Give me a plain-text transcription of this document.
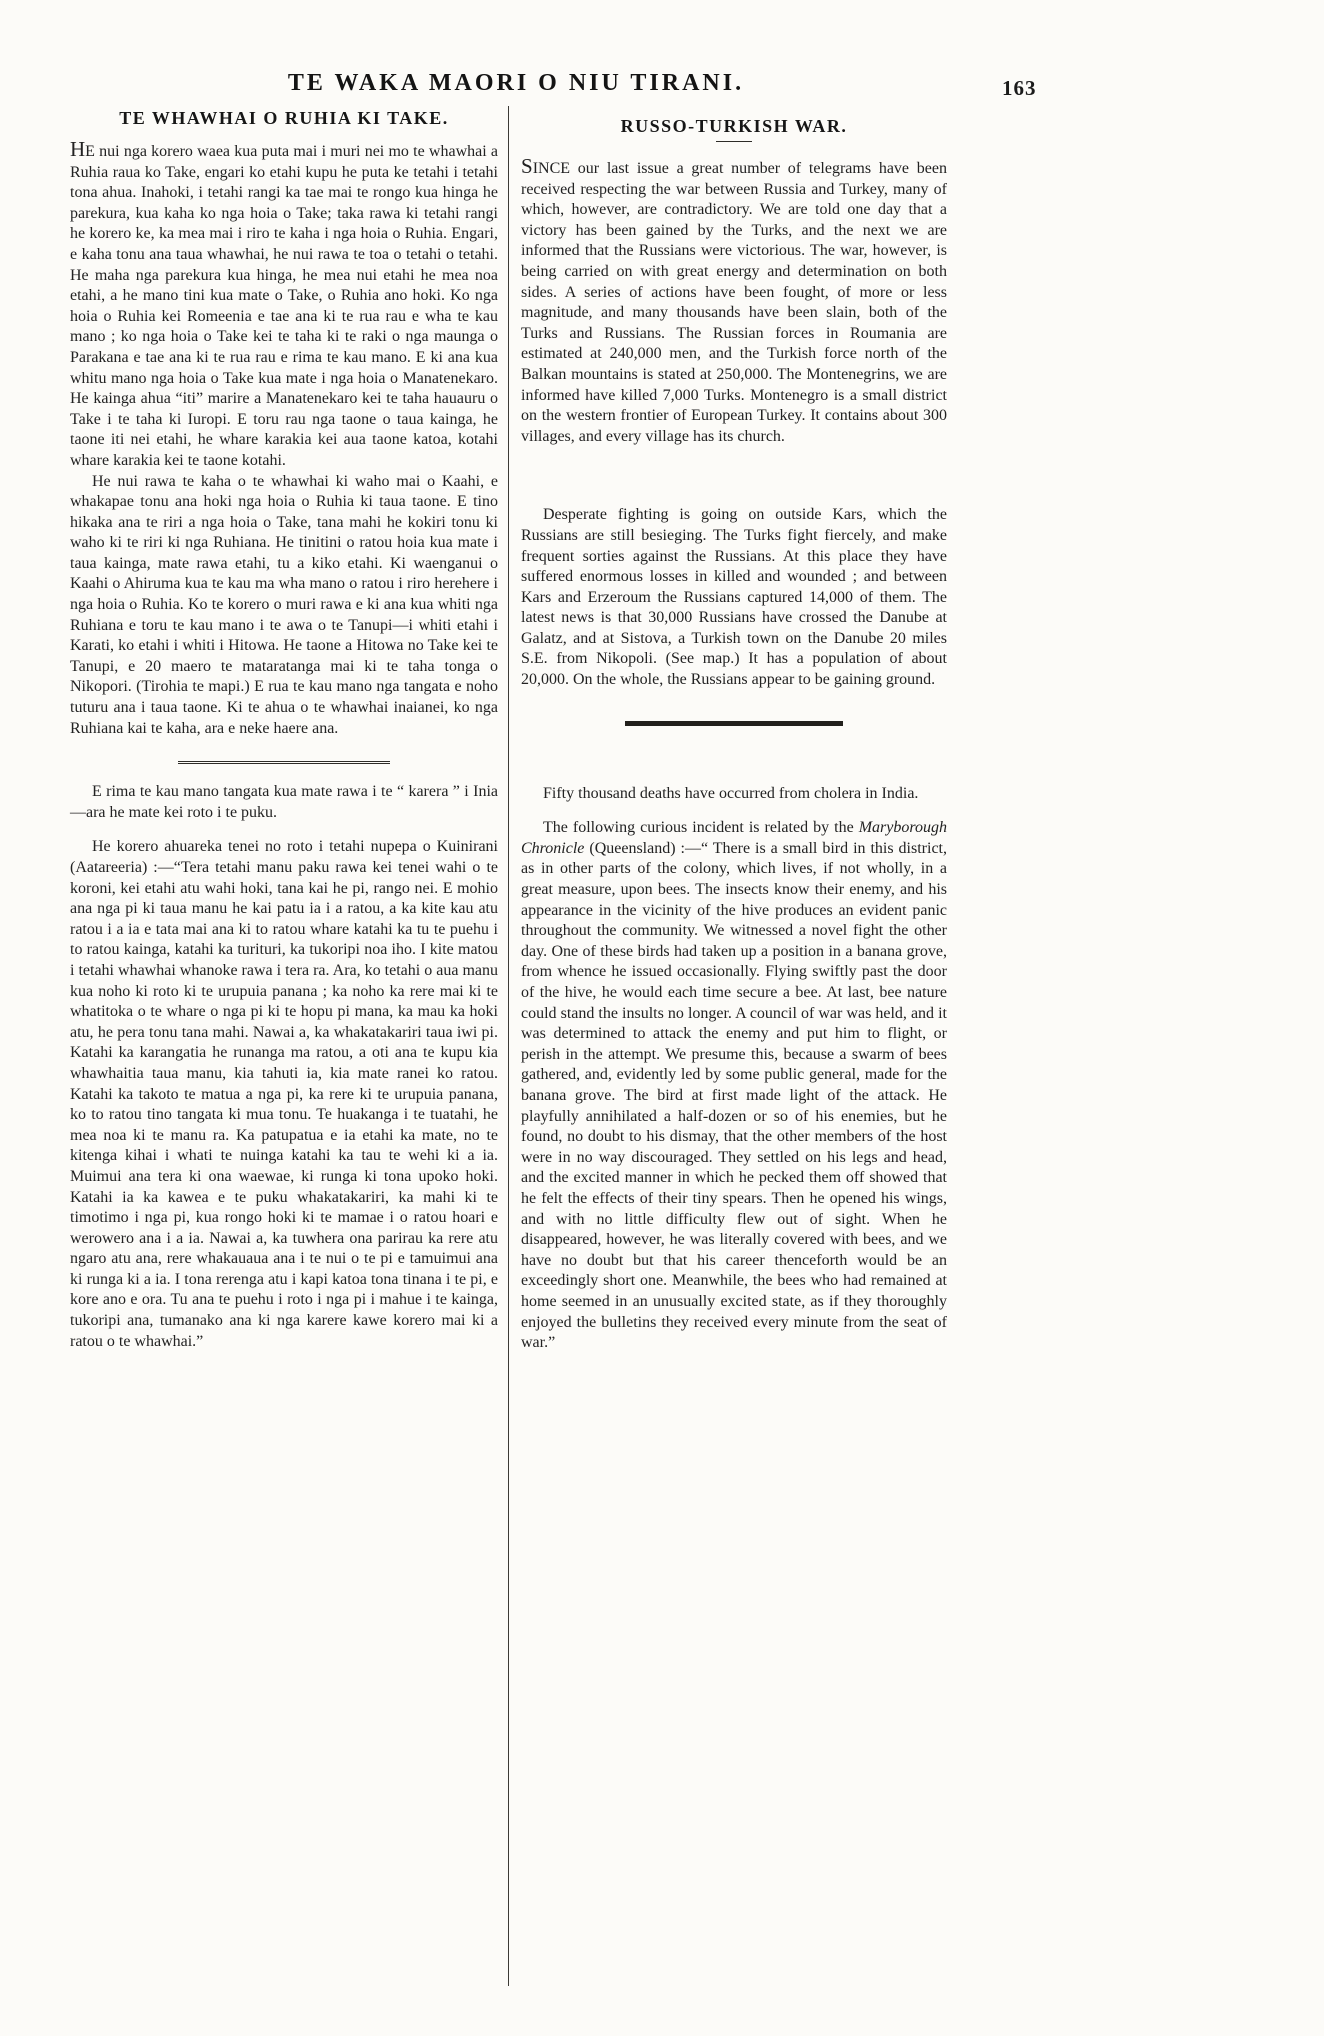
TE WAKA MAORI O NIU TIRANI.	163
TE WHAWHAI O RUHIA KI TAKE.

HE nui nga korero waea kua puta mai i muri nei mo te whawhai a Ruhia raua ko Take, engari ko etahi kupu he puta ke tetahi i tetahi tona ahua. Inahoki, i tetahi rangi ka tae mai te rongo kua hinga he parekura, kua kaha ko nga hoia o Take; taka rawa ki tetahi rangi he korero ke, ka mea mai i riro te kaha i nga hoia o Ruhia. Engari, e kaha tonu ana taua whawhai, he nui rawa te toa o tetahi o tetahi. He maha nga parekura kua hinga, he mea nui etahi he mea noa etahi, a he mano tini kua mate o Take, o Ruhia ano hoki. Ko nga hoia o Ruhia kei Romeenia e tae ana ki te rua rau e wha te kau mano ; ko nga hoia o Take kei te taha ki te raki o nga maunga o Parakana e tae ana ki te rua rau e rima te kau mano. E ki ana kua whitu mano nga hoia o Take kua mate i nga hoia o Manatenekaro. He kainga ahua “iti” marire a Manatenekaro kei te taha hauauru o Take i te taha ki Iuropi. E toru rau nga taone o taua kainga, he taone iti nei etahi, he whare karakia kei aua taone katoa, kotahi whare karakia kei te taone kotahi.

He nui rawa te kaha o te whawhai ki waho mai o Kaahi, e whakapae tonu ana hoki nga hoia o Ruhia ki taua taone. E tino hikaka ana te riri a nga hoia o Take, tana mahi he kokiri tonu ki waho ki te riri ki nga Ruhiana. He tinitini o ratou hoia kua mate i taua kainga, mate rawa etahi, tu a kiko etahi. Ki waenganui o Kaahi o Ahiruma kua te kau ma wha mano o ratou i riro herehere i nga hoia o Ruhia. Ko te korero o muri rawa e ki ana kua whiti nga Ruhiana e toru te kau mano i te awa o te Tanupi—i whiti etahi i Karati, ko etahi i whiti i Hitowa. He taone a Hitowa no Take kei te Tanupi, e 20 maero te mataratanga mai ki te taha tonga o Nikopori. (Tirohia te mapi.) E rua te kau mano nga tangata e noho tuturu ana i taua taone. Ki te ahua o te whawhai inaianei, ko nga Ruhiana kai te kaha, ara e neke haere ana.

E rima te kau mano tangata kua mate rawa i te “ karera ” i Inia—ara he mate kei roto i te puku.

He korero ahuareka tenei no roto i tetahi nupepa o Kuinirani (Aatareeria) :—“Tera tetahi manu paku rawa kei tenei wahi o te koroni, kei etahi atu wahi hoki, tana kai he pi, rango nei. E mohio ana nga pi ki taua manu he kai patu ia i a ratou, a ka kite kau atu ratou i a ia e tata mai ana ki to ratou whare katahi ka tu te puehu i to ratou kainga, katahi ka turituri, ka tukoripi noa iho. I kite matou i tetahi whawhai whanoke rawa i tera ra. Ara, ko tetahi o aua manu kua noho ki roto ki te urupuia panana ; ka noho ka rere mai ki te whatitoka o te whare o nga pi ki te hopu pi mana, ka mau ka hoki atu, he pera tonu tana mahi. Nawai a, ka whakatakariri taua iwi pi. Katahi ka karangatia he runanga ma ratou, a oti ana te kupu kia whawhaitia taua manu, kia tahuti ia, kia mate ranei ko ratou. Katahi ka takoto te matua a nga pi, ka rere ki te urupuia panana, ko to ratou tino tangata ki mua tonu. Te huakanga i te tuatahi, he mea noa ki te manu ra. Ka patupatua e ia etahi ka mate, no te kitenga kihai i whati te nuinga katahi ka tau te wehi ki a ia. Muimui ana tera ki ona waewae, ki runga ki tona upoko hoki. Katahi ia ka kawea e te puku whakatakariri, ka mahi ki te timotimo i nga pi, kua rongo hoki ki te mamae i o ratou hoari e werowero ana i a ia. Nawai a, ka tuwhera ona parirau ka rere atu ngaro atu ana, rere whakauaua ana i te nui o te pi e tamuimui ana ki runga ki a ia. I tona rerenga atu i kapi katoa tona tinana i te pi, e kore ano e ora. Tu ana te puehu i roto i nga pi i mahue i te kainga, tukoripi ana, tumanako ana ki nga karere kawe korero mai ki a ratou o te whawhai.”

RUSSO-TURKISH WAR.

SINCE our last issue a great number of telegrams have been received respecting the war between Russia and Turkey, many of which, however, are contradictory. We are told one day that a victory has been gained by the Turks, and the next we are informed that the Russians were victorious. The war, however, is being carried on with great energy and determination on both sides. A series of actions have been fought, of more or less magnitude, and many thousands have been slain, both of the Turks and Russians. The Russian forces in Roumania are estimated at 240,000 men, and the Turkish force north of the Balkan mountains is stated at 250,000. The Montenegrins, we are informed have killed 7,000 Turks. Montenegro is a small district on the western frontier of European Turkey. It contains about 300 villages, and every village has its church.

Desperate fighting is going on outside Kars, which the Russians are still besieging. The Turks fight fiercely, and make frequent sorties against the Russians. At this place they have suffered enormous losses in killed and wounded ; and between Kars and Erzeroum the Russians captured 14,000 of them. The latest news is that 30,000 Russians have crossed the Danube at Galatz, and at Sistova, a Turkish town on the Danube 20 miles S.E. from Nikopoli. (See map.) It has a population of about 20,000. On the whole, the Russians appear to be gaining ground.

Fifty thousand deaths have occurred from cholera in India.

The following curious incident is related by the Maryborough Chronicle (Queensland) :—“ There is a small bird in this district, as in other parts of the colony, which lives, if not wholly, in a great measure, upon bees. The insects know their enemy, and his appearance in the vicinity of the hive produces an evident panic throughout the community. We witnessed a novel fight the other day. One of these birds had taken up a position in a banana grove, from whence he issued occasionally. Flying swiftly past the door of the hive, he would each time secure a bee. At last, bee nature could stand the insults no longer. A council of war was held, and it was determined to attack the enemy and put him to flight, or perish in the attempt. We presume this, because a swarm of bees gathered, and, evidently led by some public general, made for the banana grove. The bird at first made light of the attack. He playfully annihilated a half-dozen or so of his enemies, but he found, no doubt to his dismay, that the other members of the host were in no way discouraged. They settled on his legs and head, and the excited manner in which he pecked them off showed that he felt the effects of their tiny spears. Then he opened his wings, and with no little difficulty flew out of sight. When he disappeared, however, he was literally covered with bees, and we have no doubt but that his career thenceforth would be an exceedingly short one. Meanwhile, the bees who had remained at home seemed in an unusually excited state, as if they thoroughly enjoyed the bulletins they received every minute from the seat of war.”
